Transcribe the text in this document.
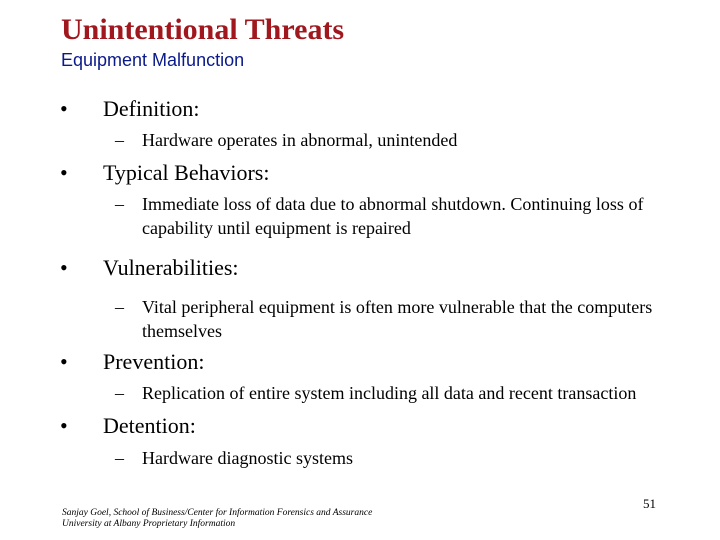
Unintentional Threats
Equipment Malfunction
• Definition:
– Hardware operates in abnormal, unintended
• Typical Behaviors:
– Immediate loss of data due to abnormal shutdown. Continuing loss of capability until equipment is repaired
• Vulnerabilities:
– Vital peripheral equipment is often more vulnerable that the computers themselves
• Prevention:
– Replication of entire system including all data and recent transaction
• Detention:
– Hardware diagnostic systems
Sanjay Goel, School of Business/Center for Information Forensics and Assurance
University at Albany Proprietary Information
51
